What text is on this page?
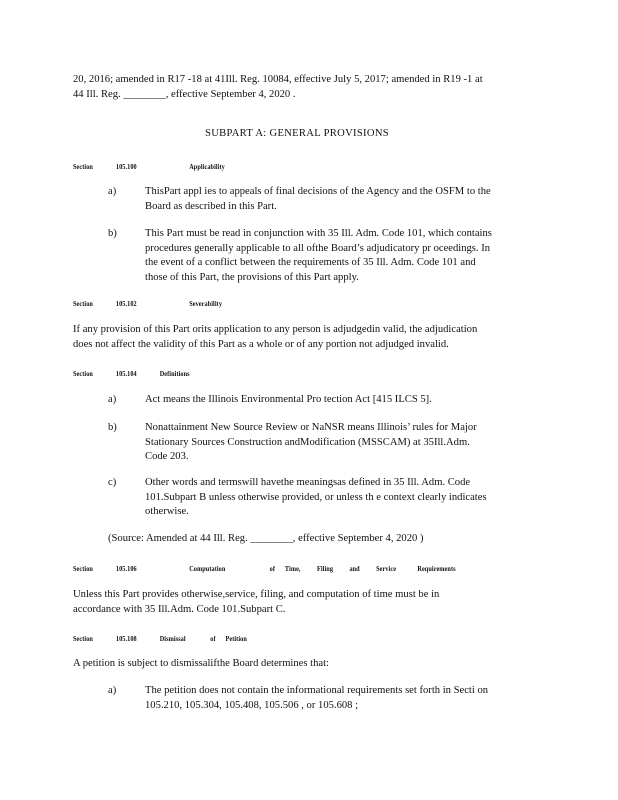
20, 2016; amended in R17 -18 at 41Ill. Reg. 10084, effective July 5, 2017; amended in R19 -1 at
44 Ill. Reg. ________, effective September 4, 2020 .
SUBPART A: GENERAL PROVISIONS
Section	105.100	Applicability
a)	ThisPart appl ies to appeals of final decisions of the Agency and the OSFM to the
Board as described in this Part.
b)	This Part must be read in conjunction with 35 Ill. Adm. Code 101, which contains
procedures generally applicable to all ofthe Board’s adjudicatory pr oceedings. In
the event of a conflict between the requirements of 35 Ill. Adm. Code 101 and
those of this Part, the provisions of this Part apply.
Section	105.102	Severability
If any provision of this Part orits application to any person is adjudgedin valid, the adjudication
does not affect the validity of this Part as a whole or of any portion not adjudged invalid.
Section	105.104	Definitions
a)	Act means the Illinois Environmental Pro tection Act [415 ILCS 5].
b)	Nonattainment New Source Review or NaNSR means Illinois’ rules for Major
Stationary Sources Construction andModification (MSSCAM) at 35Ill.Adm.
Code 203.
c)	Other words and termswill havethe meaningsas defined in 35 Ill. Adm. Code
101.Subpart B unless otherwise provided, or unless th e context clearly indicates
otherwise.
(Source: Amended at 44 Ill. Reg. ________, effective September 4, 2020 )
Section	105.106	Computation	of Time, Filing and Service	Requirements
Unless this Part provides otherwise,service, filing, and computation of time must be in
accordance with 35 Ill.Adm. Code 101.Subpart C.
Section	105.108	Dismissal	of Petition
A petition is subject to dismissalifthe Board determines that:
a)	The petition does not contain the informational requirements set forth in Secti on
105.210, 105.304, 105.408, 105.506 , or 105.608 ;
